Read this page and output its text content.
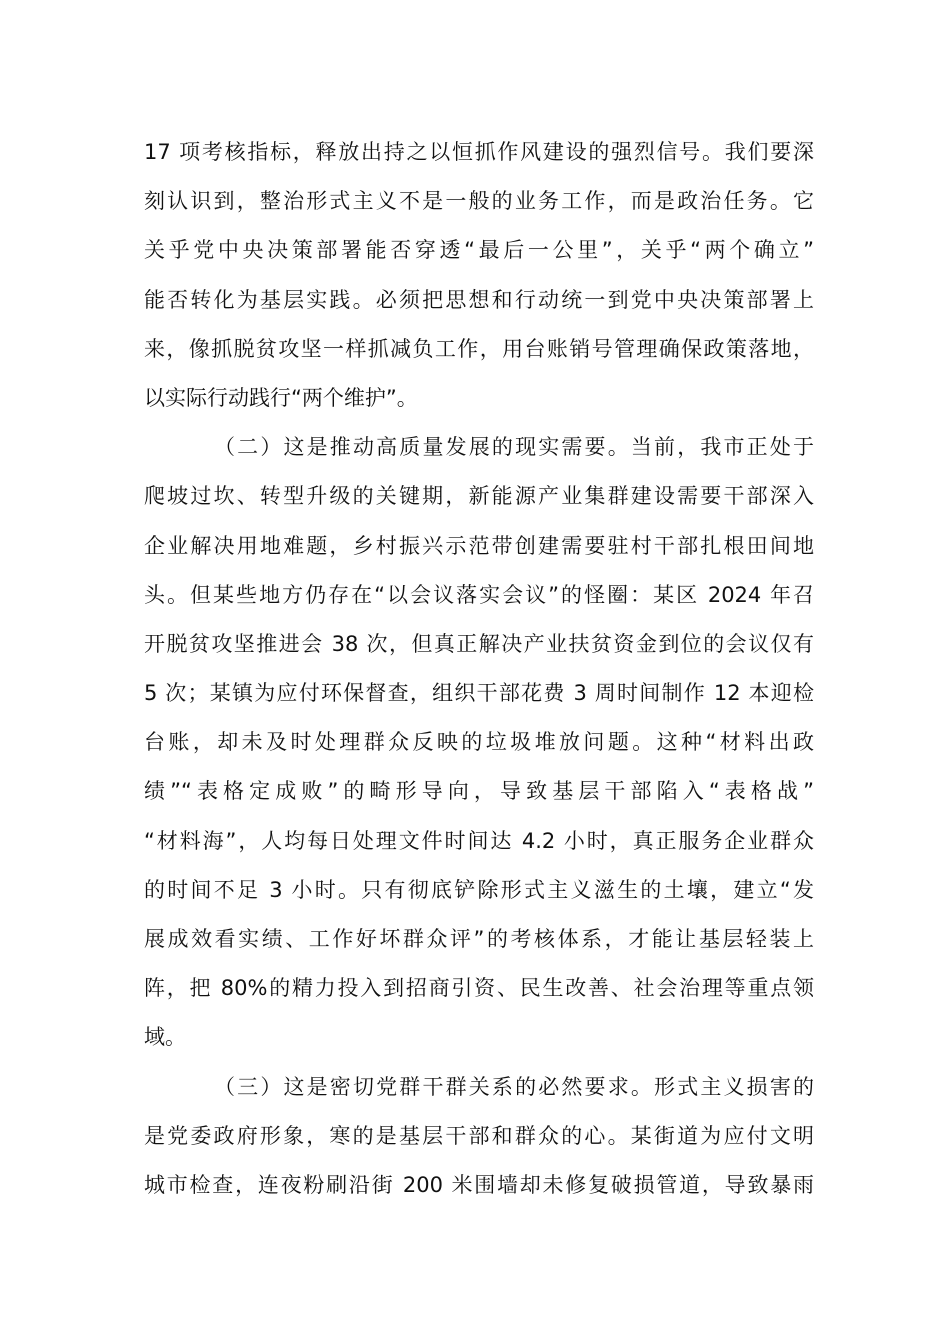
17 项考核指标，释放出持之以恒抓作风建设的强烈信号。我们要深
刻认识到，整治形式主义不是一般的业务工作，而是政治任务。它
关乎党中央决策部署能否穿透“最后一公里”，关乎“两个确立”
能否转化为基层实践。必须把思想和行动统一到党中央决策部署上
来，像抓脱贫攻坚一样抓减负工作，用台账销号管理确保政策落地，
以实际行动践行“两个维护”。
（二）这是推动高质量发展的现实需要。当前，我市正处于
爬坡过坎、转型升级的关键期，新能源产业集群建设需要干部深入
企业解决用地难题，乡村振兴示范带创建需要驻村干部扎根田间地
头。但某些地方仍存在“以会议落实会议”的怪圈：某区 2024 年召
开脱贫攻坚推进会 38 次，但真正解决产业扶贫资金到位的会议仅有
5 次；某镇为应付环保督查，组织干部花费 3 周时间制作 12 本迎检
台账，却未及时处理群众反映的垃圾堆放问题。这种“材料出政
绩”“表格定成败”的畸形导向，导致基层干部陷入“表格战”
“材料海”，人均每日处理文件时间达 4.2 小时，真正服务企业群众
的时间不足 3 小时。只有彻底铲除形式主义滋生的土壤，建立“发
展成效看实绩、工作好坏群众评”的考核体系，才能让基层轻装上
阵，把 80%的精力投入到招商引资、民生改善、社会治理等重点领
域。
（三）这是密切党群干群关系的必然要求。形式主义损害的
是党委政府形象，寒的是基层干部和群众的心。某街道为应付文明
城市检查，连夜粉刷沿街 200 米围墙却未修复破损管道，导致暴雨
